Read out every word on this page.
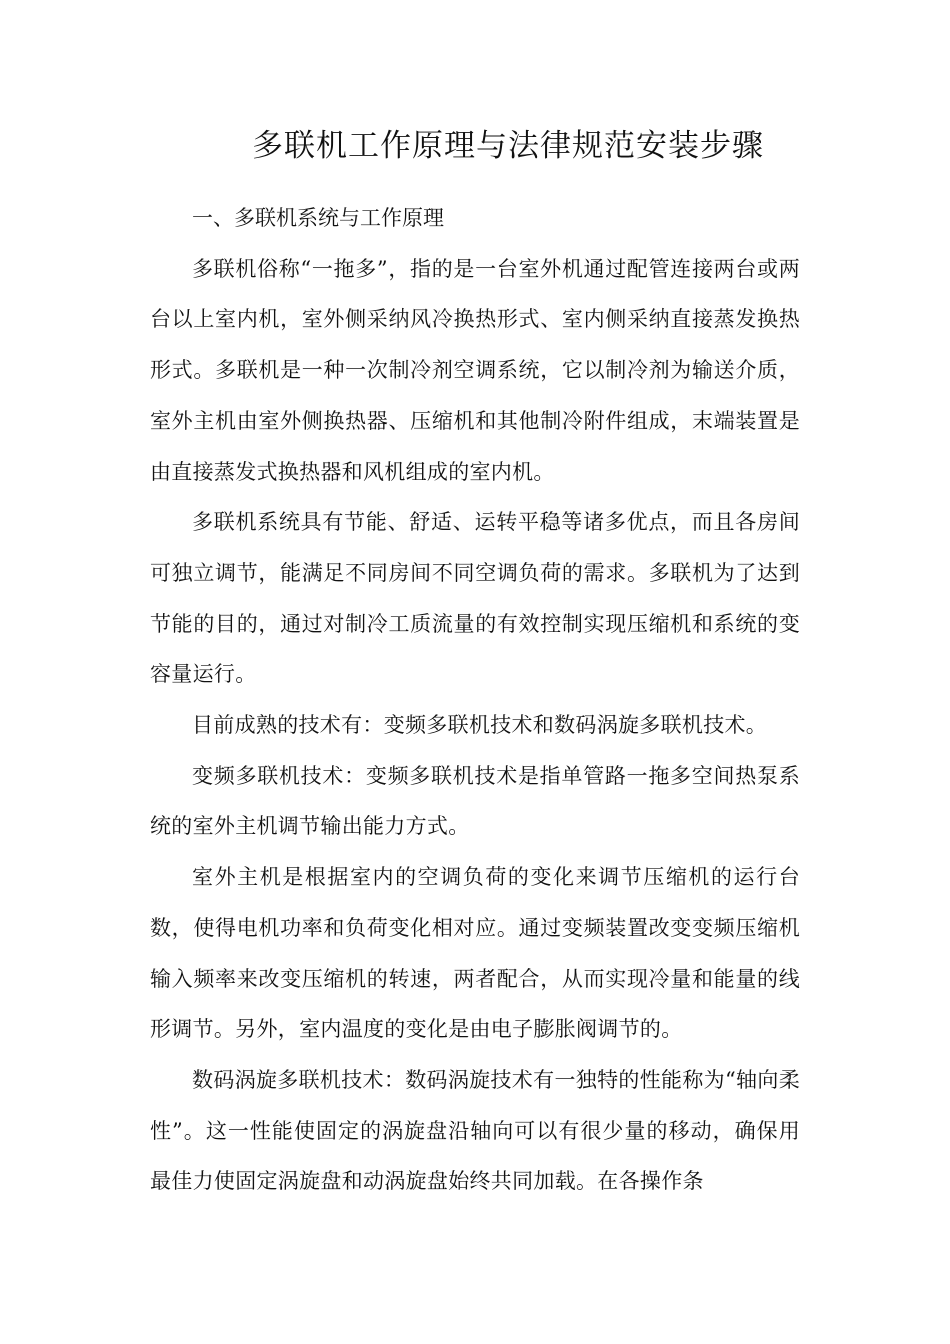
多联机工作原理与法律规范安装步骤

一、多联机系统与工作原理

多联机俗称“一拖多”，指的是一台室外机通过配管连接两台或两台以上室内机，室外侧采纳风冷换热形式、室内侧采纳直接蒸发换热形式。多联机是一种一次制冷剂空调系统，它以制冷剂为输送介质，室外主机由室外侧换热器、压缩机和其他制冷附件组成，末端装置是由直接蒸发式换热器和风机组成的室内机。

多联机系统具有节能、舒适、运转平稳等诸多优点，而且各房间可独立调节，能满足不同房间不同空调负荷的需求。多联机为了达到节能的目的，通过对制冷工质流量的有效控制实现压缩机和系统的变容量运行。

目前成熟的技术有：变频多联机技术和数码涡旋多联机技术。

变频多联机技术：变频多联机技术是指单管路一拖多空间热泵系统的室外主机调节输出能力方式。

室外主机是根据室内的空调负荷的变化来调节压缩机的运行台数，使得电机功率和负荷变化相对应。通过变频装置改变变频压缩机输入频率来改变压缩机的转速，两者配合，从而实现冷量和能量的线形调节。另外，室内温度的变化是由电子膨胀阀调节的。

数码涡旋多联机技术：数码涡旋技术有一独特的性能称为“轴向柔性”。这一性能使固定的涡旋盘沿轴向可以有很少量的移动，确保用最佳力使固定涡旋盘和动涡旋盘始终共同加载。在各操作条
